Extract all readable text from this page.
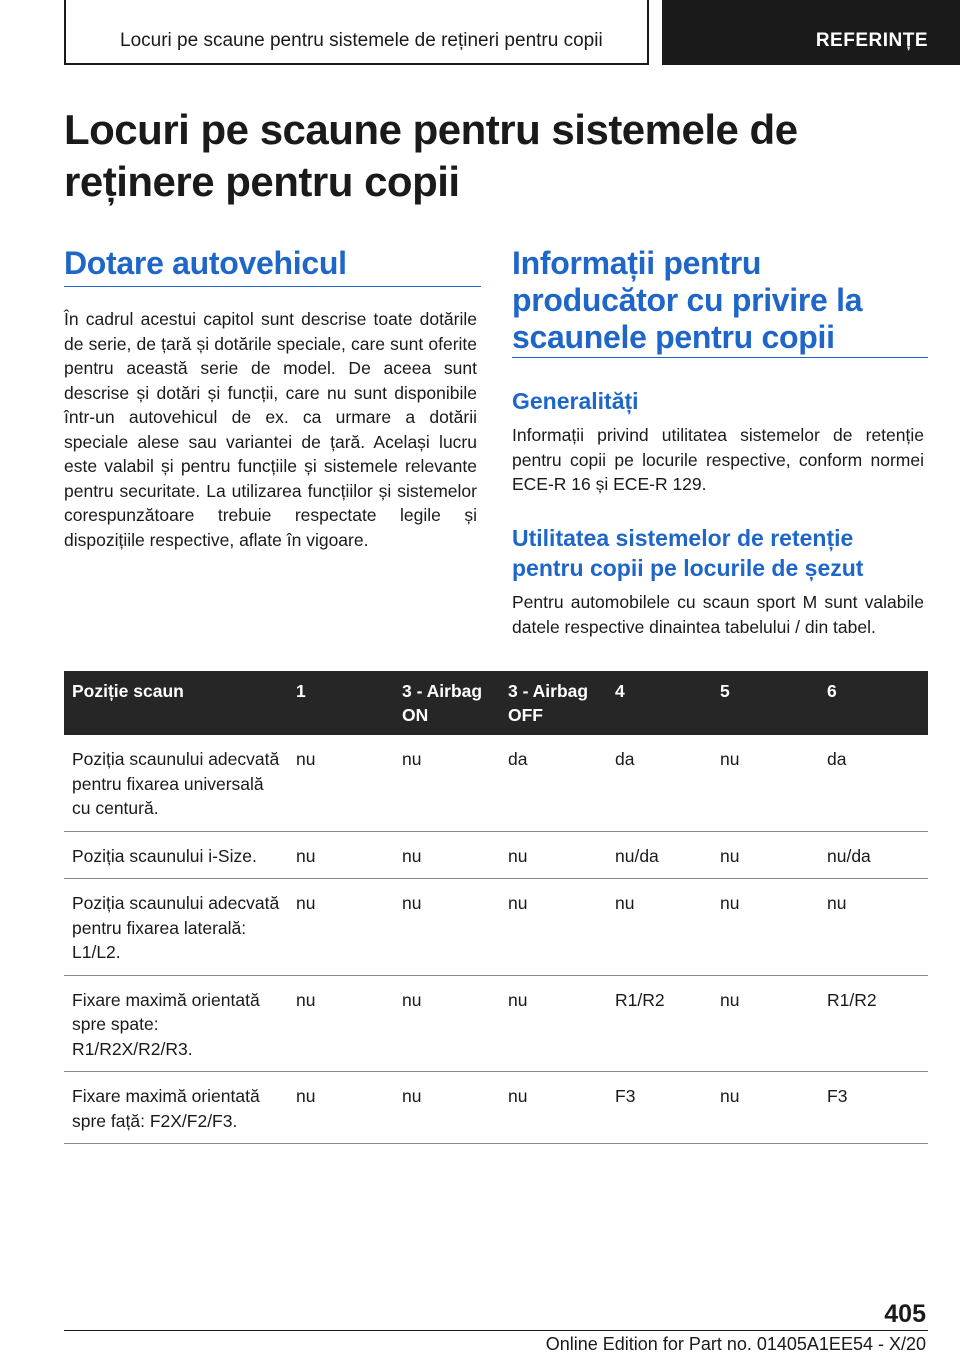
Locuri pe scaune pentru sistemele de rețineri pentru copii	REFERINȚE
Locuri pe scaune pentru sistemele de reținere pentru copii
Dotare autovehicul

În cadrul acestui capitol sunt descrise toate dotările de serie, de țară și dotările speciale, care sunt oferite pentru această serie de model. De aceea sunt descrise și dotări și funcții, care nu sunt disponibile într-un autovehicul de ex. ca urmare a dotării speciale alese sau variantei de țară. Același lucru este valabil și pentru funcțiile și sistemele relevante pentru securitate. La utilizarea funcțiilor și sistemelor corespunzătoare trebuie respectate legile și dispozițiile respective, aflate în vigoare.

Informații pentru producător cu privire la scaunele pentru copii
Generalități

Informații privind utilitatea sistemelor de retenție pentru copii pe locurile respective, conform normei ECE-R 16 și ECE-R 129.

Utilitatea sistemelor de retenție pentru copii pe locurile de șezut

Pentru automobilele cu scaun sport M sunt valabile datele respective dinaintea tabelului / din tabel.

Poziție scaun	1	3 - Airbag ON	3 - Airbag OFF	4	5	6
Poziția scaunului adecvată pentru fixarea universală cu centură.	nu	nu	da	da	nu	da
Poziția scaunului i-Size.	nu	nu	nu	nu/da	nu	nu/da
Poziția scaunului adecvată pentru fixarea laterală: L1/L2.	nu	nu	nu	nu	nu	nu
Fixare maximă orientată spre spate: R1/R2X/R2/R3.	nu	nu	nu	R1/R2	nu	R1/R2
Fixare maximă orientată spre față: F2X/F2/F3.	nu	nu	nu	F3	nu	F3
405
Online Edition for Part no. 01405A1EE54 - X/20
